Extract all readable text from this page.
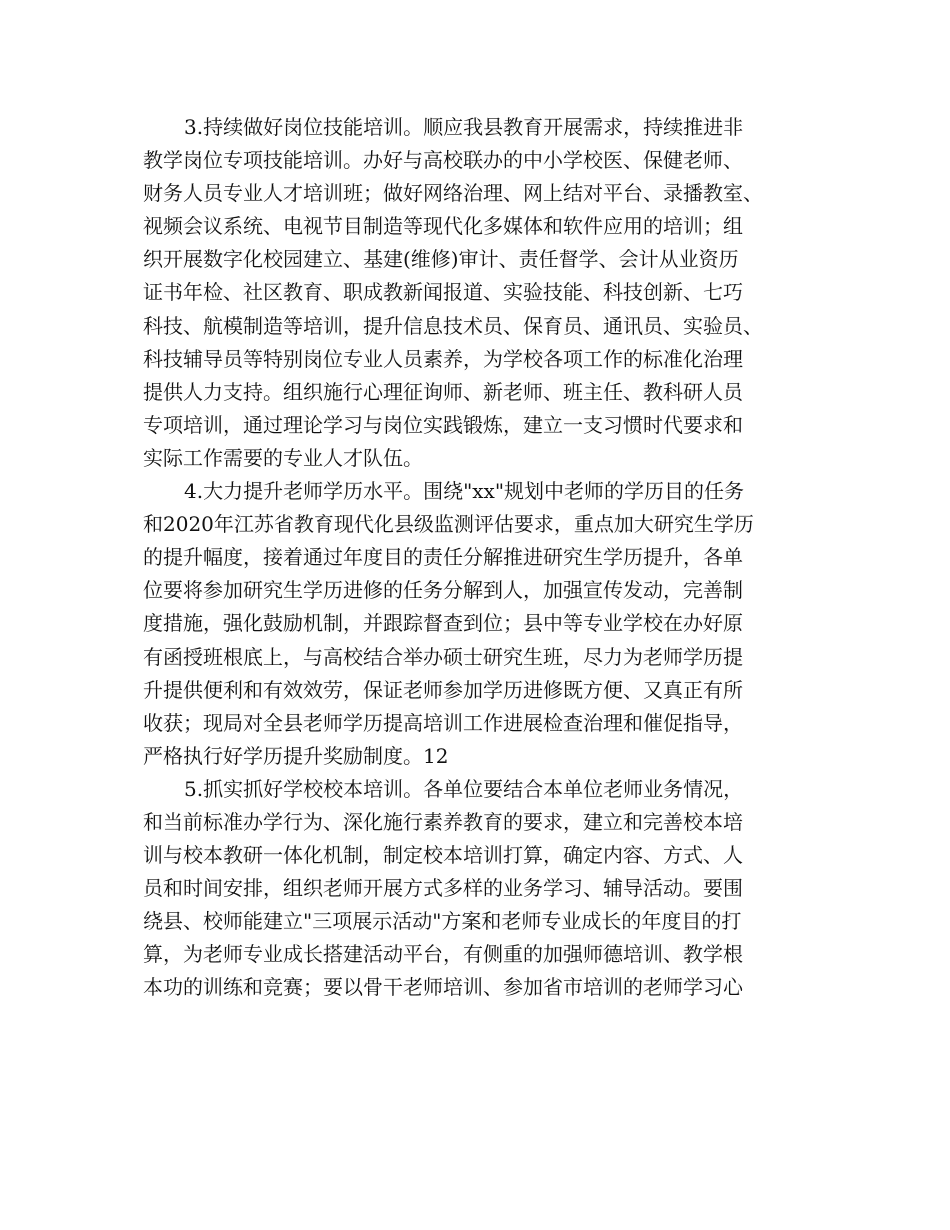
3.持续做好岗位技能培训。顺应我县教育开展需求，持续推进非
教学岗位专项技能培训。办好与高校联办的中小学校医、保健老师、
财务人员专业人才培训班；做好网络治理、网上结对平台、录播教室、
视频会议系统、电视节目制造等现代化多媒体和软件应用的培训；组
织开展数字化校园建立、基建(维修)审计、责任督学、会计从业资历
证书年检、社区教育、职成教新闻报道、实验技能、科技创新、七巧
科技、航模制造等培训，提升信息技术员、保育员、通讯员、实验员、
科技辅导员等特别岗位专业人员素养，为学校各项工作的标准化治理
提供人力支持。组织施行心理征询师、新老师、班主任、教科研人员
专项培训，通过理论学习与岗位实践锻炼，建立一支习惯时代要求和
实际工作需要的专业人才队伍。
4.大力提升老师学历水平。围绕"xx"规划中老师的学历目的任务
和2020年江苏省教育现代化县级监测评估要求，重点加大研究生学历
的提升幅度，接着通过年度目的责任分解推进研究生学历提升，各单
位要将参加研究生学历进修的任务分解到人，加强宣传发动，完善制
度措施，强化鼓励机制，并跟踪督查到位；县中等专业学校在办好原
有函授班根底上，与高校结合举办硕士研究生班，尽力为老师学历提
升提供便利和有效效劳，保证老师参加学历进修既方便、又真正有所
收获；现局对全县老师学历提高培训工作进展检查治理和催促指导，
严格执行好学历提升奖励制度。12
5.抓实抓好学校校本培训。各单位要结合本单位老师业务情况，
和当前标准办学行为、深化施行素养教育的要求，建立和完善校本培
训与校本教研一体化机制，制定校本培训打算，确定内容、方式、人
员和时间安排，组织老师开展方式多样的业务学习、辅导活动。要围
绕县、校师能建立"三项展示活动"方案和老师专业成长的年度目的打
算，为老师专业成长搭建活动平台，有侧重的加强师德培训、教学根
本功的训练和竞赛；要以骨干老师培训、参加省市培训的老师学习心
